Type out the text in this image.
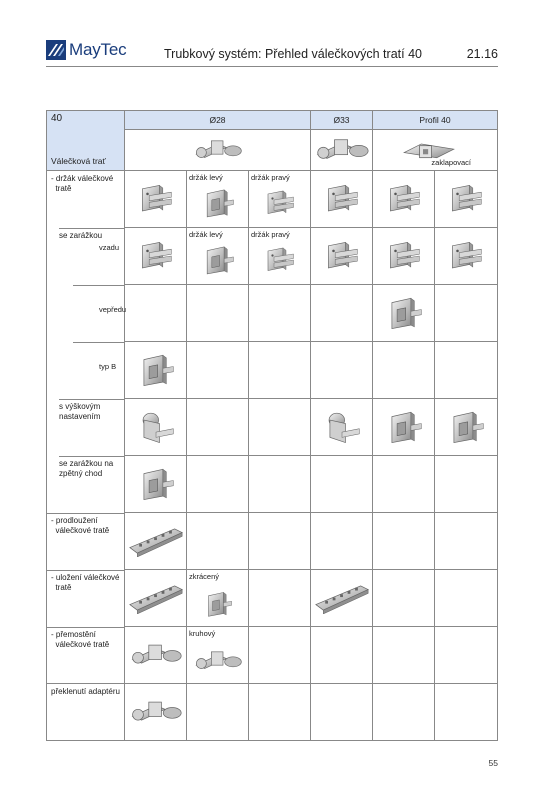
MayTec	Trubkový systém: Přehled válečkových tratí 40	21.16
40
Válečková trať	Ø28			Ø33	Profil 40	

zaklapovací	

- držák válečkové
tratě		držák levý	držák pravý

se zarážkou
vzadu		držák levý	držák pravý

vepředu

typ B

s výškovým
nastavením

se zarážkou na
zpětný chod

- prodloužení
válečkové tratě

- uložení válečkové
tratě		zkrácený

- přemostění
válečkové tratě		kruhový				

překlenutí adaptéru

55
